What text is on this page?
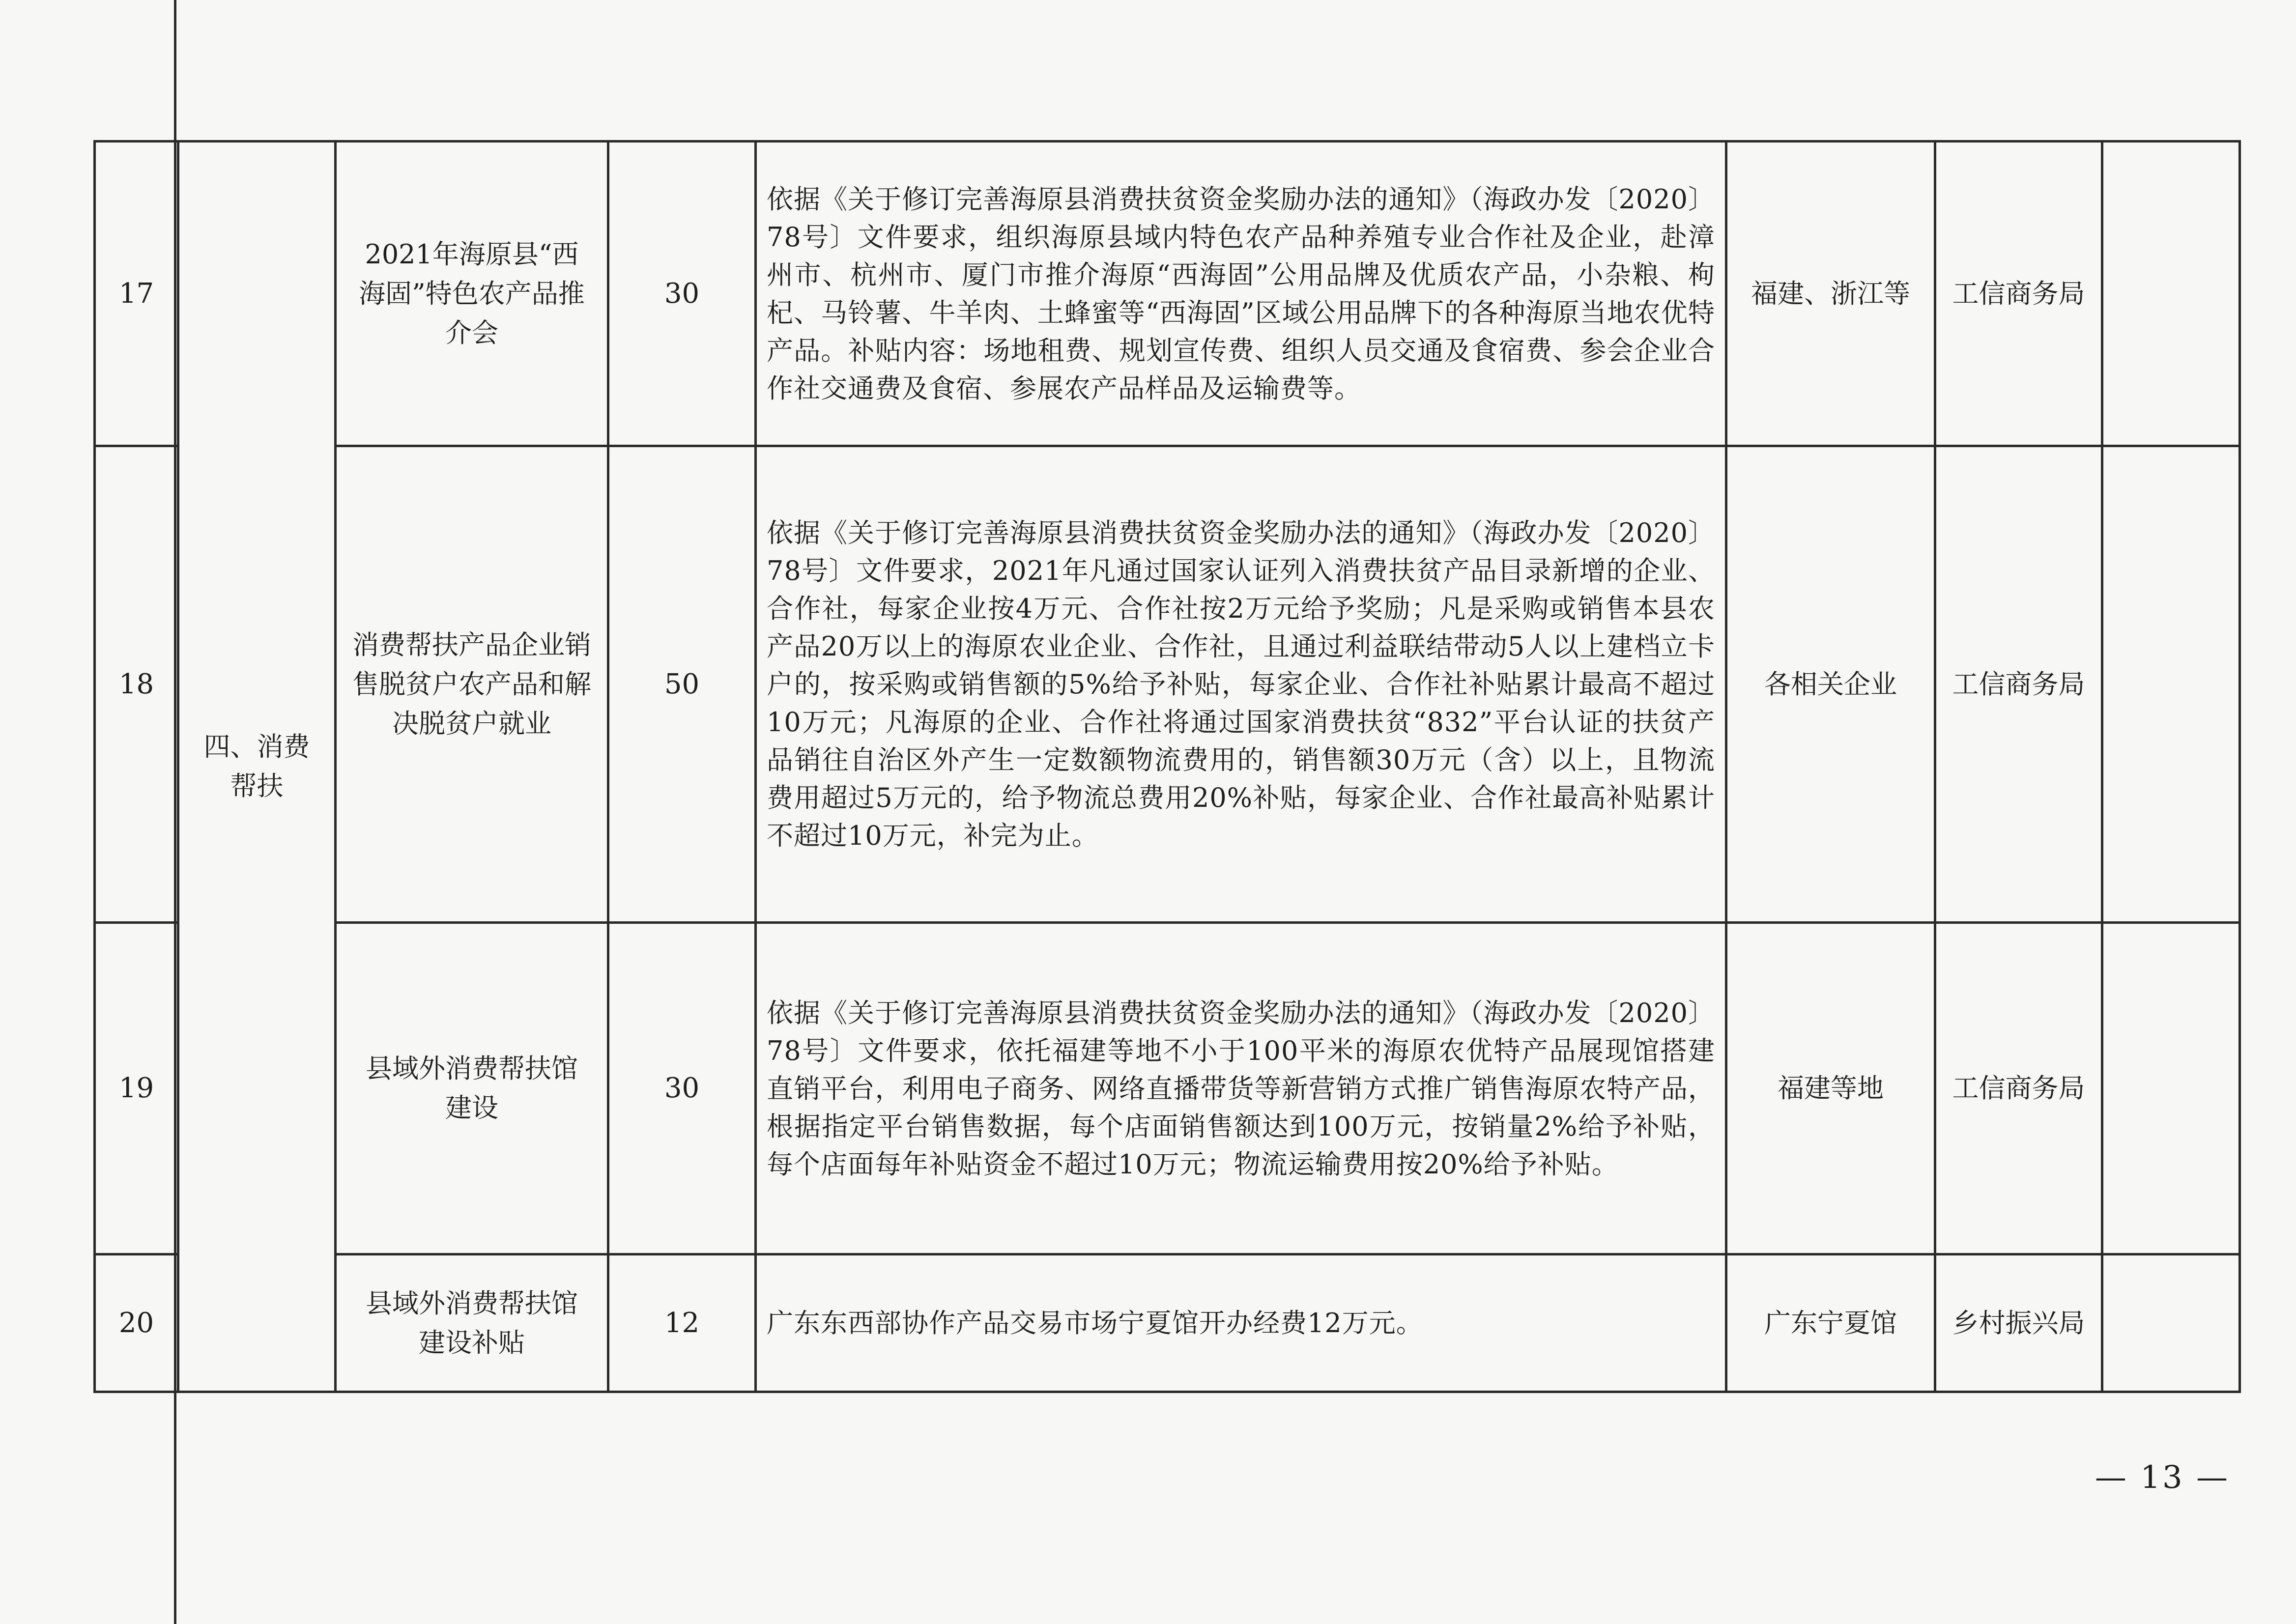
17	四、消费帮扶	2021年海原县“西海固”特色农产品推介会	30	依据《关于修订完善海原县消费扶贫资金奖励办法的通知》（海政办发〔2020〕78号〕文件要求，组织海原县域内特色农产品种养殖专业合作社及企业，赴漳州市、杭州市、厦门市推介海原“西海固”公用品牌及优质农产品，小杂粮、枸杞、马铃薯、牛羊肉、土蜂蜜等“西海固”区域公用品牌下的各种海原当地农优特产品。补贴内容：场地租费、规划宣传费、组织人员交通及食宿费、参会企业合作社交通费及食宿、参展农产品样品及运输费等。	福建、浙江等	工信商务局	
18		消费帮扶产品企业销售脱贫户农产品和解决脱贫户就业	50	依据《关于修订完善海原县消费扶贫资金奖励办法的通知》（海政办发〔2020〕78号〕文件要求，2021年凡通过国家认证列入消费扶贫产品目录新增的企业、合作社，每家企业按4万元、合作社按2万元给予奖励；凡是采购或销售本县农产品20万以上的海原农业企业、合作社，且通过利益联结带动5人以上建档立卡户的，按采购或销售额的5%给予补贴，每家企业、合作社补贴累计最高不超过10万元；凡海原的企业、合作社将通过国家消费扶贫“832”平台认证的扶贫产品销往自治区外产生一定数额物流费用的，销售额30万元（含）以上，且物流费用超过5万元的，给予物流总费用20%补贴，每家企业、合作社最高补贴累计不超过10万元，补完为止。	各相关企业	工信商务局	
19		县域外消费帮扶馆建设	30	依据《关于修订完善海原县消费扶贫资金奖励办法的通知》（海政办发〔2020〕78号〕文件要求，依托福建等地不小于100平米的海原农优特产品展现馆搭建直销平台，利用电子商务、网络直播带货等新营销方式推广销售海原农特产品，根据指定平台销售数据，每个店面销售额达到100万元，按销量2%给予补贴，每个店面每年补贴资金不超过10万元；物流运输费用按20%给予补贴。	福建等地	工信商务局	
20		县域外消费帮扶馆建设补贴	12	广东东西部协作产品交易市场宁夏馆开办经费12万元。	广东宁夏馆	乡村振兴局	
— 13 —
